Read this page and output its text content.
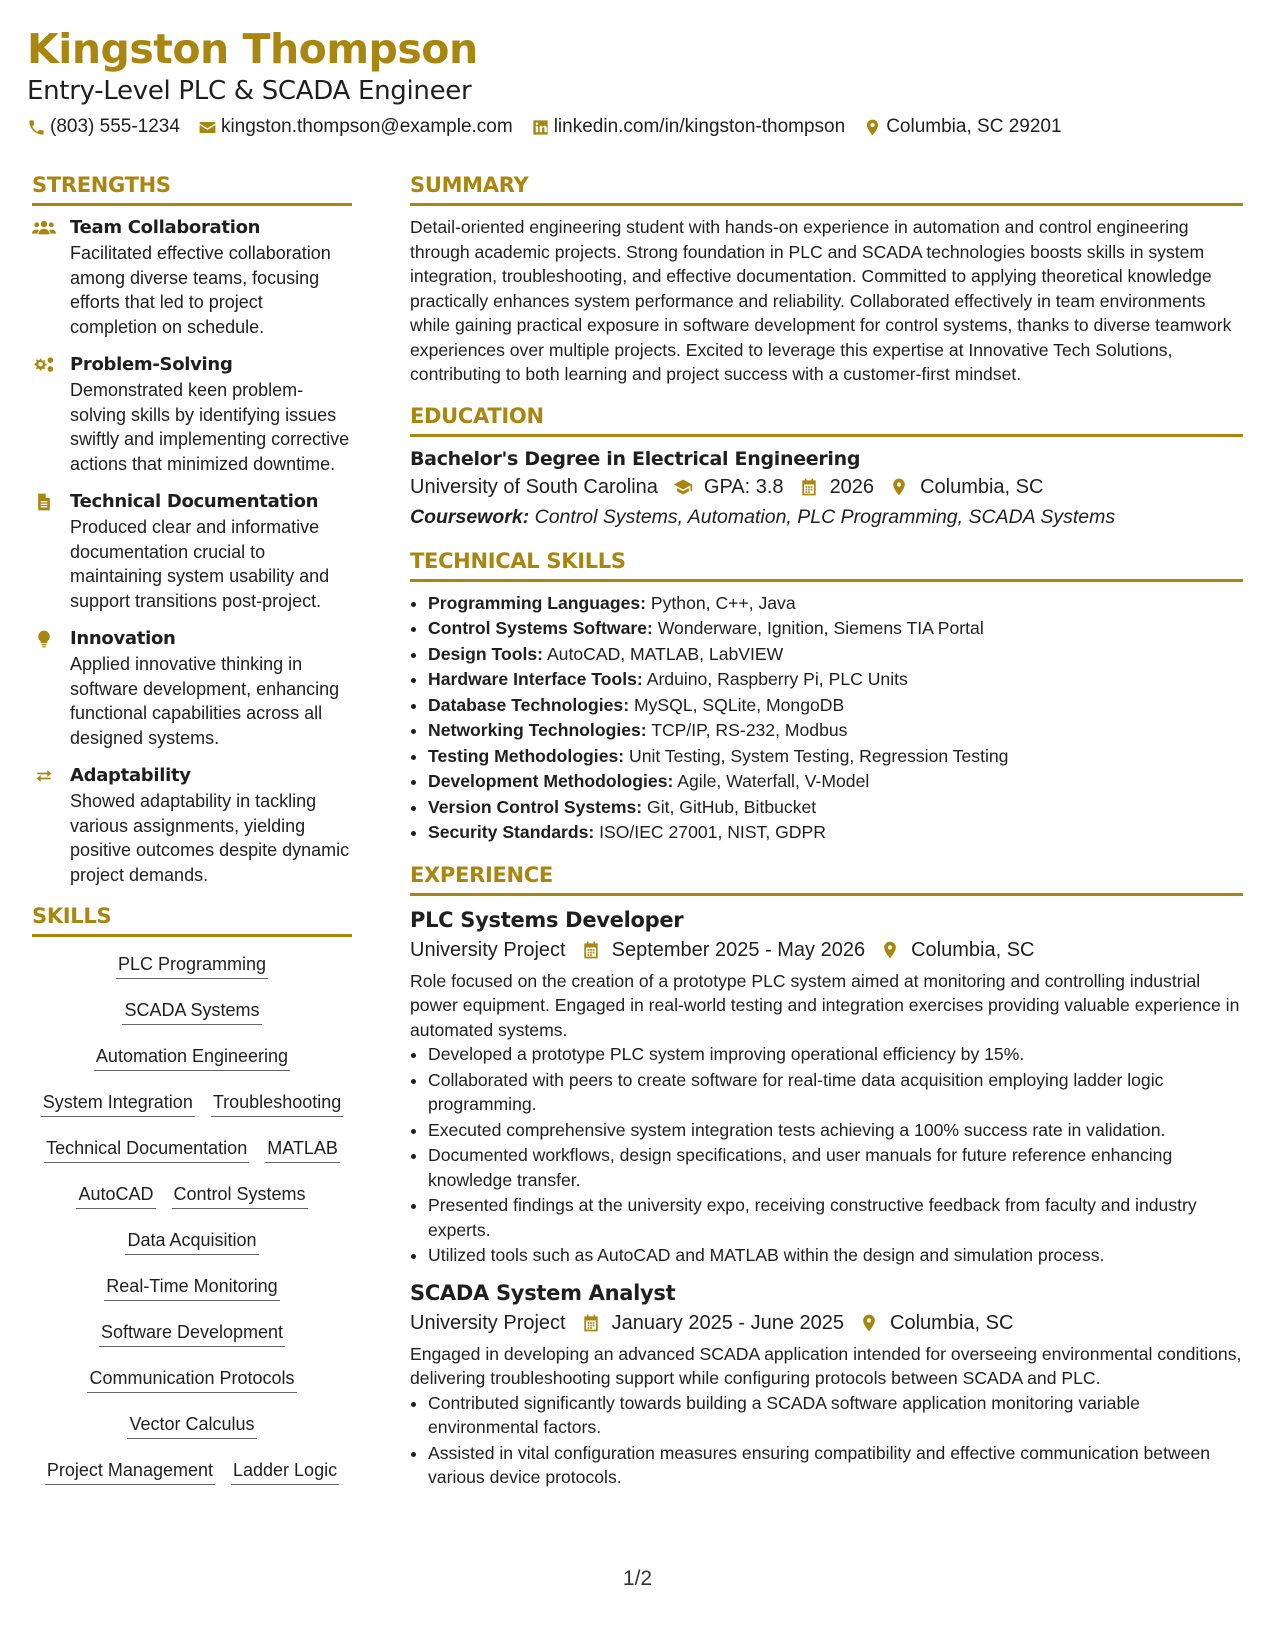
Kingston Thompson
Entry-Level PLC & SCADA Engineer
(803) 555-1234 kingston.thompson@example.com linkedin.com/in/kingston-thompson Columbia, SC 29201
STRENGTHS
Team Collaboration
Facilitated effective collaboration among diverse teams, focusing efforts that led to project completion on schedule.
Problem-Solving
Demonstrated keen problem-solving skills by identifying issues swiftly and implementing corrective actions that minimized downtime.
Technical Documentation
Produced clear and informative documentation crucial to maintaining system usability and support transitions post-project.
Innovation
Applied innovative thinking in software development, enhancing functional capabilities across all designed systems.
Adaptability
Showed adaptability in tackling various assignments, yielding positive outcomes despite dynamic project demands.
SKILLS
PLC Programming
SCADA Systems
Automation Engineering
System Integration Troubleshooting
Technical Documentation MATLAB
AutoCAD Control Systems
Data Acquisition
Real-Time Monitoring
Software Development
Communication Protocols
Vector Calculus
Project Management Ladder Logic
SUMMARY

Detail-oriented engineering student with hands-on experience in automation and control engineering through academic projects. Strong foundation in PLC and SCADA technologies boosts skills in system integration, troubleshooting, and effective documentation. Committed to applying theoretical knowledge practically enhances system performance and reliability. Collaborated effectively in team environments while gaining practical exposure in software development for control systems, thanks to diverse teamwork experiences over multiple projects. Excited to leverage this expertise at Innovative Tech Solutions, contributing to both learning and project success with a customer-first mindset.

EDUCATION
Bachelor's Degree in Electrical Engineering
University of South Carolina GPA: 3.8 2026 Columbia, SC
Coursework: Control Systems, Automation, PLC Programming, SCADA Systems
TECHNICAL SKILLS
• Programming Languages: Python, C++, Java
• Control Systems Software: Wonderware, Ignition, Siemens TIA Portal
• Design Tools: AutoCAD, MATLAB, LabVIEW
• Hardware Interface Tools: Arduino, Raspberry Pi, PLC Units
• Database Technologies: MySQL, SQLite, MongoDB
• Networking Technologies: TCP/IP, RS-232, Modbus
• Testing Methodologies: Unit Testing, System Testing, Regression Testing
• Development Methodologies: Agile, Waterfall, V-Model
• Version Control Systems: Git, GitHub, Bitbucket
• Security Standards: ISO/IEC 27001, NIST, GDPR
EXPERIENCE
PLC Systems Developer
University Project September 2025 - May 2026 Columbia, SC
Role focused on the creation of a prototype PLC system aimed at monitoring and controlling industrial power equipment. Engaged in real-world testing and integration exercises providing valuable experience in automated systems.
• Developed a prototype PLC system improving operational efficiency by 15%.
• Collaborated with peers to create software for real-time data acquisition employing ladder logic programming.
• Executed comprehensive system integration tests achieving a 100% success rate in validation.
• Documented workflows, design specifications, and user manuals for future reference enhancing knowledge transfer.
• Presented findings at the university expo, receiving constructive feedback from faculty and industry experts.
• Utilized tools such as AutoCAD and MATLAB within the design and simulation process.
SCADA System Analyst
University Project January 2025 - June 2025 Columbia, SC
Engaged in developing an advanced SCADA application intended for overseeing environmental conditions, delivering troubleshooting support while configuring protocols between SCADA and PLC.
• Contributed significantly towards building a SCADA software application monitoring variable environmental factors.
• Assisted in vital configuration measures ensuring compatibility and effective communication between various device protocols.
1/2
